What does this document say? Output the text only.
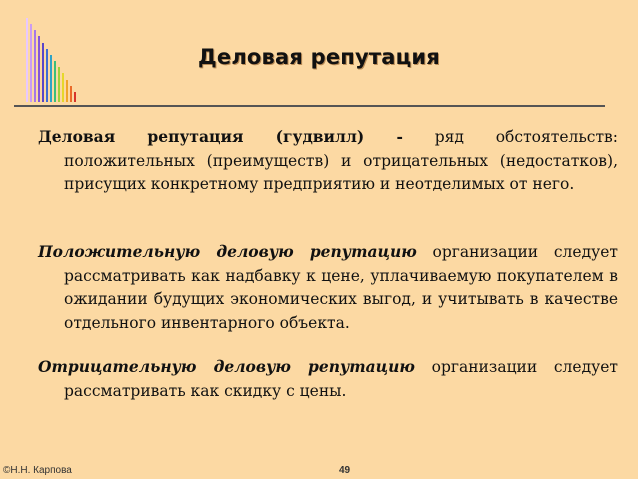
Деловая репутация
Деловая репутация (гудвилл) - ряд обстоятельств: положительных (преимуществ) и отрицательных (недостатков), присущих конкретному предприятию и неотделимых от него.
Положительную деловую репутацию организации следует рассматривать как надбавку к цене, уплачиваемую покупателем в ожидании будущих экономических выгод, и учитывать в качестве отдельного инвентарного объекта.
Отрицательную деловую репутацию организации следует рассматривать как скидку с цены.
©Н.Н. Карпова	49
